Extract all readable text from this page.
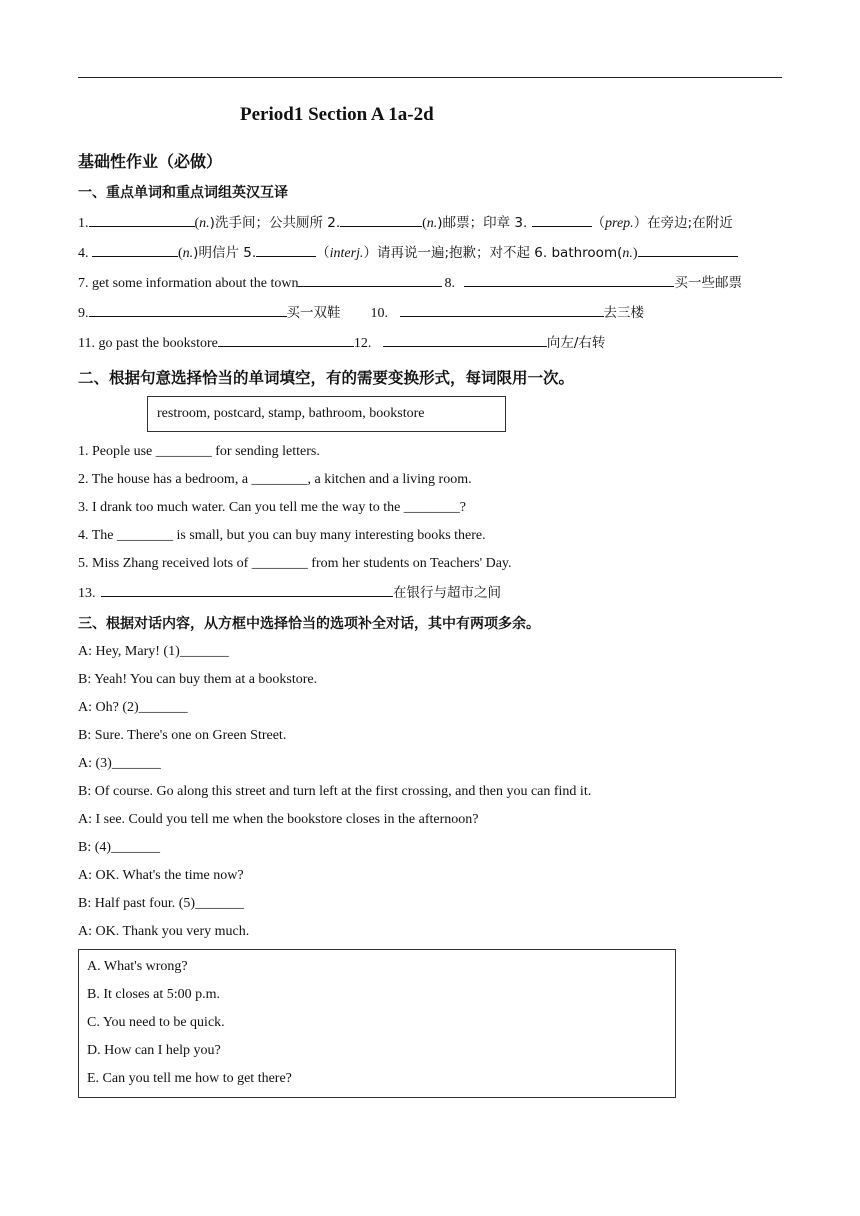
Period1 Section A 1a-2d
基础性作业（必做）
一、重点单词和重点词组英汉互译
1.	(n.)洗手间；公共厕所 2.	(n.)邮票；印章 3.	（prep.）在旁边;在附近
4.	(n.)明信片 5.	（interj.）请再说一遍;抱歉；对不起 6. bathroom(n.)
7. get some information about the town	8.	买一些邮票
9.	买一双鞋 10.	去三楼
11. go past the bookstore	12.	向左/右转
二、根据句意选择恰当的单词填空，有的需要变换形式，每词限用一次。
restroom, postcard, stamp, bathroom, bookstore
1. People use ________ for sending letters.
2. The house has a bedroom, a ________, a kitchen and a living room.
3. I drank too much water. Can you tell me the way to the ________?
4. The ________ is small, but you can buy many interesting books there.
5. Miss Zhang received lots of ________ from her students on Teachers' Day.
13.	在银行与超市之间
三、根据对话内容，从方框中选择恰当的选项补全对话，其中有两项多余。
A: Hey, Mary! (1)_______
B: Yeah! You can buy them at a bookstore.
A: Oh? (2)_______
B: Sure. There's one on Green Street.
A: (3)_______
B: Of course. Go along this street and turn left at the first crossing, and then you can find it.
A: I see. Could you tell me when the bookstore closes in the afternoon?
B: (4)_______
A: OK. What's the time now?
B: Half past four. (5)_______
A: OK. Thank you very much.
A. What's wrong?
B. It closes at 5:00 p.m.
C. You need to be quick.
D. How can I help you?
E. Can you tell me how to get there?
